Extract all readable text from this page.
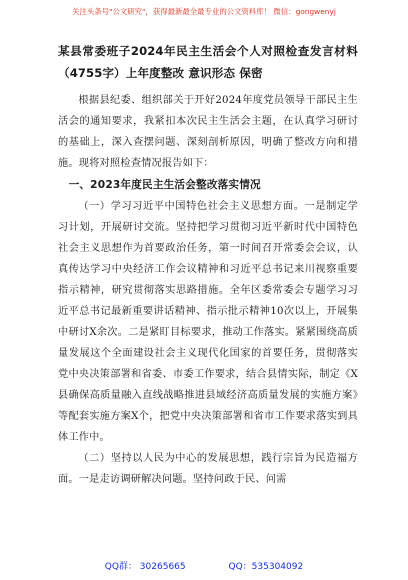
关注头条号"公文研究"，获得最新最全最专业的公文资料库！ 微信：gongwenyj

某县常委班子2024年民主生活会个人对照检查发言材料（4755字）上年度整改 意识形态 保密

根据县纪委、组织部关于开好2024年度党员领导干部民主生活会的通知要求，我紧扣本次民主生活会主题，在认真学习研讨的基础上，深入查摆问题、深刻剖析原因，明确了整改方向和措施。现将对照检查情况报告如下：

一、2023年度民主生活会整改落实情况

（一）学习习近平中国特色社会主义思想方面。一是制定学习计划，开展研讨交流。坚持把学习贯彻习近平新时代中国特色社会主义思想作为首要政治任务，第一时间召开常委会会议，认真传达学习中央经济工作会议精神和习近平总书记来川视察重要指示精神，研究贯彻落实思路措施。全年区委常委会专题学习习近平总书记最新重要讲话精神、指示批示精神10次以上，开展集中研讨X余次。二是紧盯目标要求，推动工作落实。紧紧围绕高质量发展这个全面建设社会主义现代化国家的首要任务，贯彻落实党中央决策部署和省委、市委工作要求，结合县情实际，制定《X县确保高质量融入直线战略推进县域经济高质量发展的实施方案》等配套实施方案X个，把党中央决策部署和省市工作要求落实到具体工作中。

（二）坚持以人民为中心的发展思想，践行宗旨为民造福方面。一是走访调研解决问题。坚持问政于民、问需

QQ群： 30265665	QQ：535304092
